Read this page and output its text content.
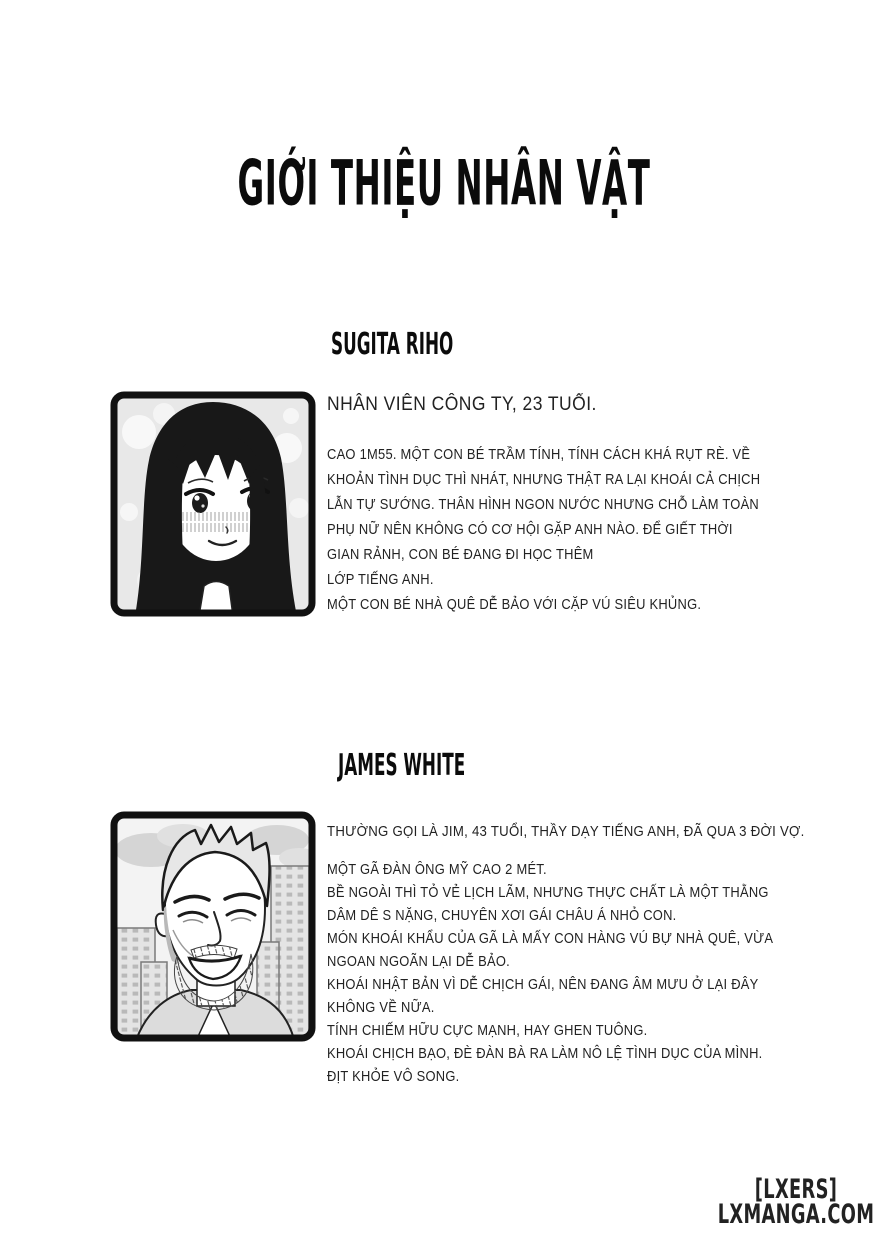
GIỚI THIỆU NHÂN VẬT
SUGITA RIHO
NHÂN VIÊN CÔNG TY, 23 TUỔI.
CAO 1M55. MỘT CON BÉ TRẦM TÍNH, TÍNH CÁCH KHÁ RỤT RÈ. VỀ
KHOẢN TÌNH DỤC THÌ NHÁT, NHƯNG THẬT RA LẠI KHOÁI CẢ CHỊCH
LẪN TỰ SƯỚNG. THÂN HÌNH NGON NƯỚC NHƯNG CHỖ LÀM TOÀN
PHỤ NỮ NÊN KHÔNG CÓ CƠ HỘI GẶP ANH NÀO. ĐỂ GIẾT THỜI
GIAN RẢNH, CON BÉ ĐANG ĐI HỌC THÊM
LỚP TIẾNG ANH.
MỘT CON BÉ NHÀ QUÊ DỄ BẢO VỚI CẶP VÚ SIÊU KHỦNG.
JAMES WHITE
THƯỜNG GỌI LÀ JIM, 43 TUỔI, THẦY DẠY TIẾNG ANH, ĐÃ QUA 3 ĐỜI VỢ.
MỘT GÃ ĐÀN ÔNG MỸ CAO 2 MÉT.
BỀ NGOÀI THÌ TỎ VẺ LỊCH LÃM, NHƯNG THỰC CHẤT LÀ MỘT THẰNG
DÂM DÊ S NẶNG, CHUYÊN XƠI GÁI CHÂU Á NHỎ CON.
MÓN KHOÁI KHẨU CỦA GÃ LÀ MẤY CON HÀNG VÚ BỰ NHÀ QUÊ, VỪA
NGOAN NGOÃN LẠI DỄ BẢO.
KHOÁI NHẬT BẢN VÌ DỄ CHỊCH GÁI, NÊN ĐANG ÂM MƯU Ở LẠI ĐÂY
KHÔNG VỀ NỮA.
TÍNH CHIẾM HỮU CỰC MẠNH, HAY GHEN TUÔNG.
KHOÁI CHỊCH BẠO, ĐÈ ĐÀN BÀ RA LÀM NÔ LỆ TÌNH DỤC CỦA MÌNH.
ĐỊT KHỎE VÔ SONG.
[LXERS]
LXMANGA.COM
